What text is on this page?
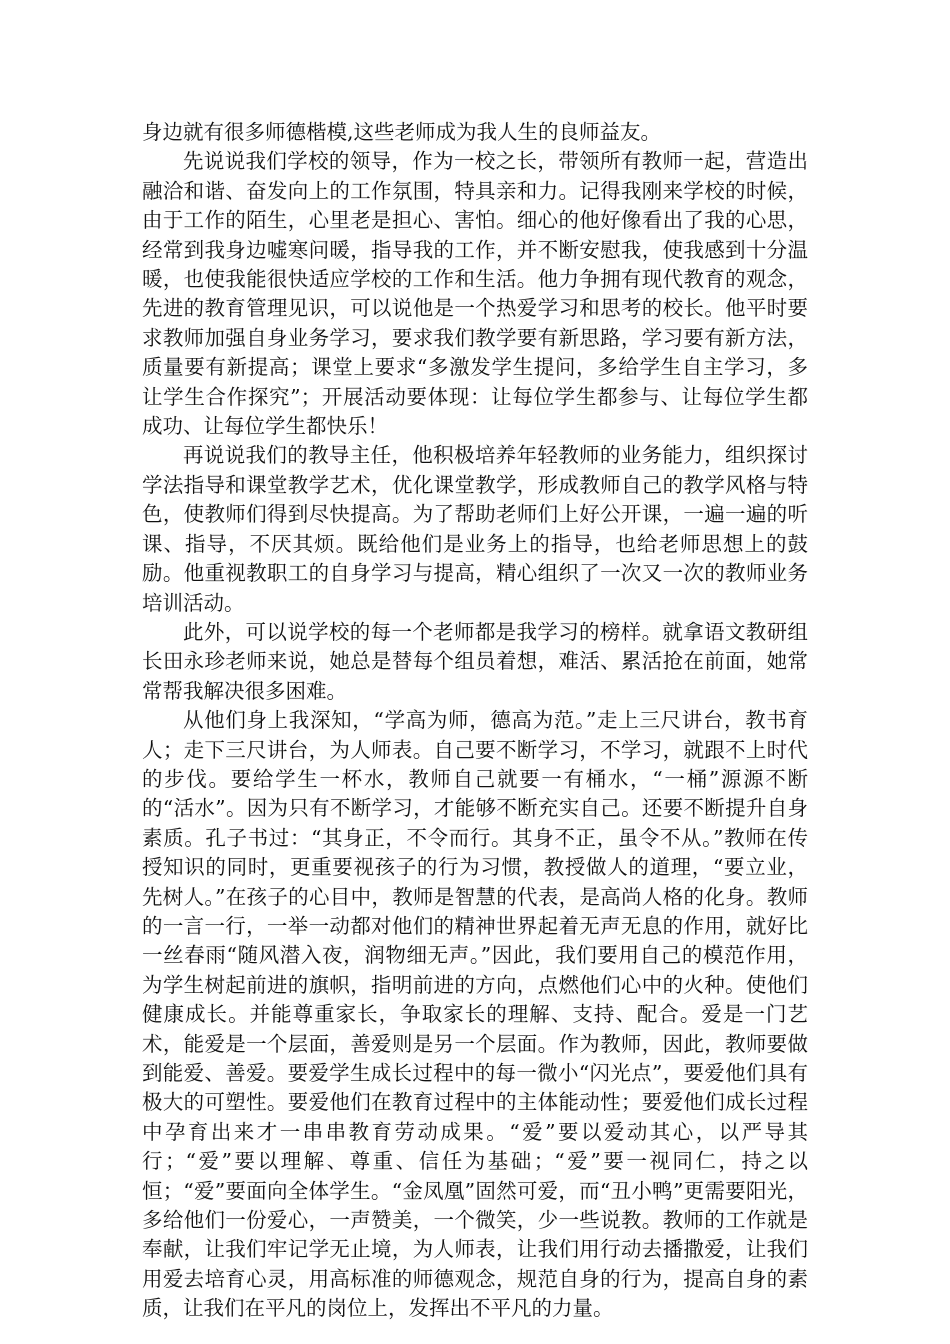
身边就有很多师德楷模,这些老师成为我人生的良师益友。

先说说我们学校的领导，作为一校之长，带领所有教师一起，营造出融洽和谐、奋发向上的工作氛围，特具亲和力。记得我刚来学校的时候，由于工作的陌生，心里老是担心、害怕。细心的他好像看出了我的心思，经常到我身边嘘寒问暖，指导我的工作，并不断安慰我，使我感到十分温暖，也使我能很快适应学校的工作和生活。他力争拥有现代教育的观念，先进的教育管理见识，可以说他是一个热爱学习和思考的校长。他平时要求教师加强自身业务学习，要求我们教学要有新思路，学习要有新方法，质量要有新提高；课堂上要求“多激发学生提问，多给学生自主学习，多让学生合作探究”；开展活动要体现：让每位学生都参与、让每位学生都成功、让每位学生都快乐！

再说说我们的教导主任，他积极培养年轻教师的业务能力，组织探讨学法指导和课堂教学艺术，优化课堂教学，形成教师自己的教学风格与特色，使教师们得到尽快提高。为了帮助老师们上好公开课，一遍一遍的听课、指导，不厌其烦。既给他们是业务上的指导，也给老师思想上的鼓励。他重视教职工的自身学习与提高，精心组织了一次又一次的教师业务培训活动。

此外，可以说学校的每一个老师都是我学习的榜样。就拿语文教研组长田永珍老师来说，她总是替每个组员着想，难活、累活抢在前面，她常常帮我解决很多困难。

从他们身上我深知，“学高为师，德高为范。”走上三尺讲台，教书育人；走下三尺讲台，为人师表。自己要不断学习，不学习，就跟不上时代的步伐。要给学生一杯水，教师自己就要一有桶水，“一桶”源源不断的“活水”。因为只有不断学习，才能够不断充实自己。还要不断提升自身素质。孔子书过：“其身正，不令而行。其身不正，虽令不从。”教师在传授知识的同时，更重要视孩子的行为习惯，教授做人的道理，“要立业，先树人。”在孩子的心目中，教师是智慧的代表，是高尚人格的化身。教师的一言一行，一举一动都对他们的精神世界起着无声无息的作用，就好比一丝春雨“随风潜入夜，润物细无声。”因此，我们要用自己的模范作用，为学生树起前进的旗帜，指明前进的方向，点燃他们心中的火种。使他们健康成长。并能尊重家长，争取家长的理解、支持、配合。爱是一门艺术，能爱是一个层面，善爱则是另一个层面。作为教师，因此，教师要做到能爱、善爱。要爱学生成长过程中的每一微小“闪光点”，要爱他们具有极大的可塑性。要爱他们在教育过程中的主体能动性；要爱他们成长过程中孕育出来才一串串教育劳动成果。“爱”要以爱动其心，以严导其行；“爱”要以理解、尊重、信任为基础；“爱”要一视同仁，持之以恒；“爱”要面向全体学生。“金凤凰”固然可爱，而“丑小鸭”更需要阳光，多给他们一份爱心，一声赞美，一个微笑，少一些说教。教师的工作就是奉献，让我们牢记学无止境，为人师表，让我们用行动去播撒爱，让我们用爱去培育心灵，用高标准的师德观念，规范自身的行为，提高自身的素质，让我们在平凡的岗位上，发挥出不平凡的力量。
